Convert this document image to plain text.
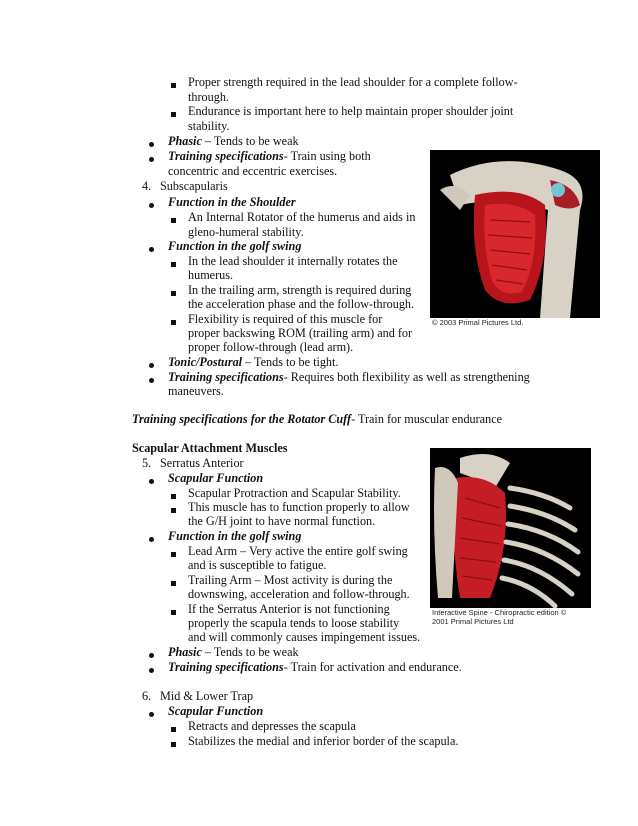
Proper strength required in the lead shoulder for a complete follow-
through.
Endurance is important here to help maintain proper shoulder joint
stability.
Phasic – Tends to be weak
Training specifications- Train using both
concentric and eccentric exercises.
4. Subscapularis
Function in the Shoulder
An Internal Rotator of the humerus and aids in
gleno-humeral stability.
Function in the golf swing
In the lead shoulder it internally rotates the
humerus.
In the trailing arm, strength is required during
the acceleration phase and the follow-through.
Flexibility is required of this muscle for
proper backswing ROM (trailing arm) and for
proper follow-through (lead arm).
Tonic/Postural – Tends to be tight.
Training specifications- Requires both flexibility as well as strengthening
maneuvers.
© 2003 Primal Pictures Ltd.
Training specifications for the Rotator Cuff- Train for muscular endurance
Scapular Attachment Muscles
5. Serratus Anterior
Scapular Function
Scapular Protraction and Scapular Stability.
This muscle has to function properly to allow
the G/H joint to have normal function.
Function in the golf swing
Lead Arm – Very active the entire golf swing
and is susceptible to fatigue.
Trailing Arm – Most activity is during the
downswing, acceleration and follow-through.
If the Serratus Anterior is not functioning
properly the scapula tends to loose stability
and will commonly causes impingement issues.
Phasic – Tends to be weak
Training specifications- Train for activation and endurance.
Interactive Spine - Chiropractic edition ©
2001 Primal Pictures Ltd
6. Mid & Lower Trap
Scapular Function
Retracts and depresses the scapula
Stabilizes the medial and inferior border of the scapula.
